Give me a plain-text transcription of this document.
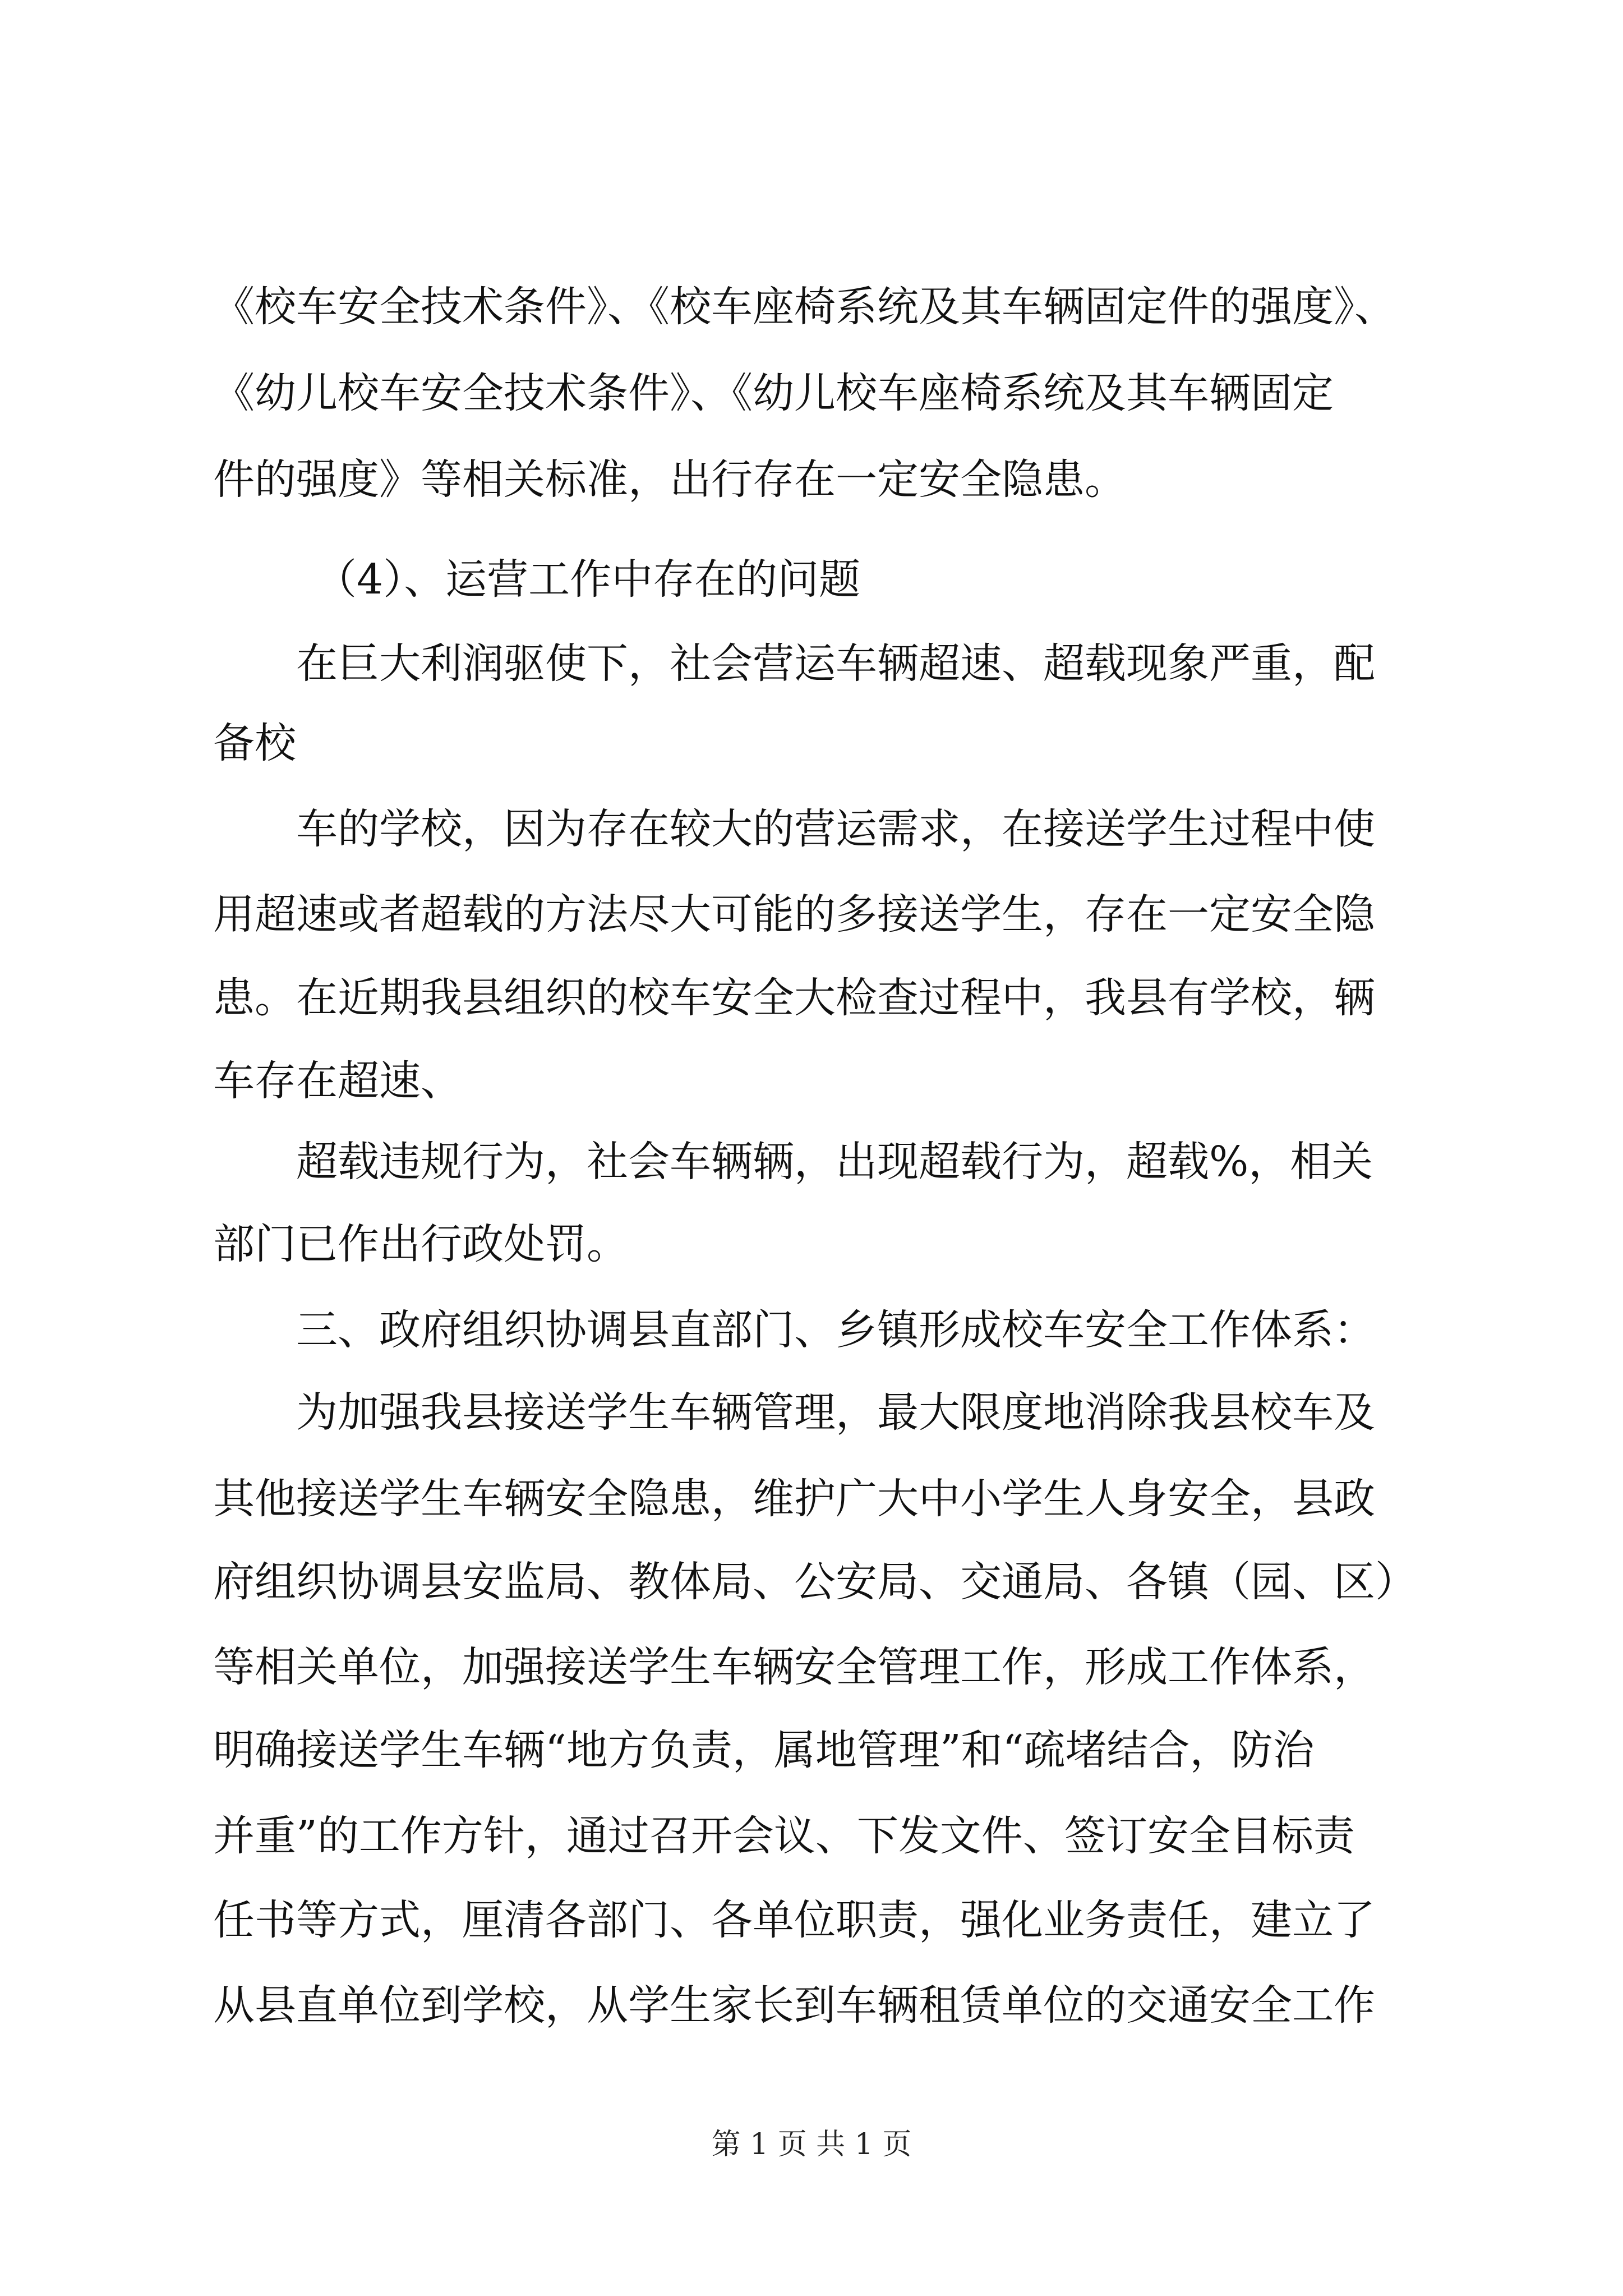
《校车安全技术条件》、《校车座椅系统及其车辆固定件的强度》、

《幼儿校车安全技术条件》、《幼儿校车座椅系统及其车辆固定

件的强度》等相关标准，出行存在一定安全隐患。

（4）、运营工作中存在的问题

在巨大利润驱使下，社会营运车辆超速、超载现象严重，配

备校

车的学校，因为存在较大的营运需求，在接送学生过程中使

用超速或者超载的方法尽大可能的多接送学生，存在一定安全隐

患。在近期我县组织的校车安全大检查过程中，我县有学校，辆

车存在超速、

超载违规行为，社会车辆辆，出现超载行为，超载%，相关

部门已作出行政处罚。

三、政府组织协调县直部门、乡镇形成校车安全工作体系：

为加强我县接送学生车辆管理，最大限度地消除我县校车及

其他接送学生车辆安全隐患，维护广大中小学生人身安全，县政

府组织协调县安监局、教体局、公安局、交通局、各镇（园、区）

等相关单位，加强接送学生车辆安全管理工作，形成工作体系，

明确接送学生车辆“地方负责，属地管理”和“疏堵结合，防治

并重”的工作方针，通过召开会议、下发文件、签订安全目标责

任书等方式，厘清各部门、各单位职责，强化业务责任，建立了

从县直单位到学校，从学生家长到车辆租赁单位的交通安全工作

第 1 页 共 1 页
